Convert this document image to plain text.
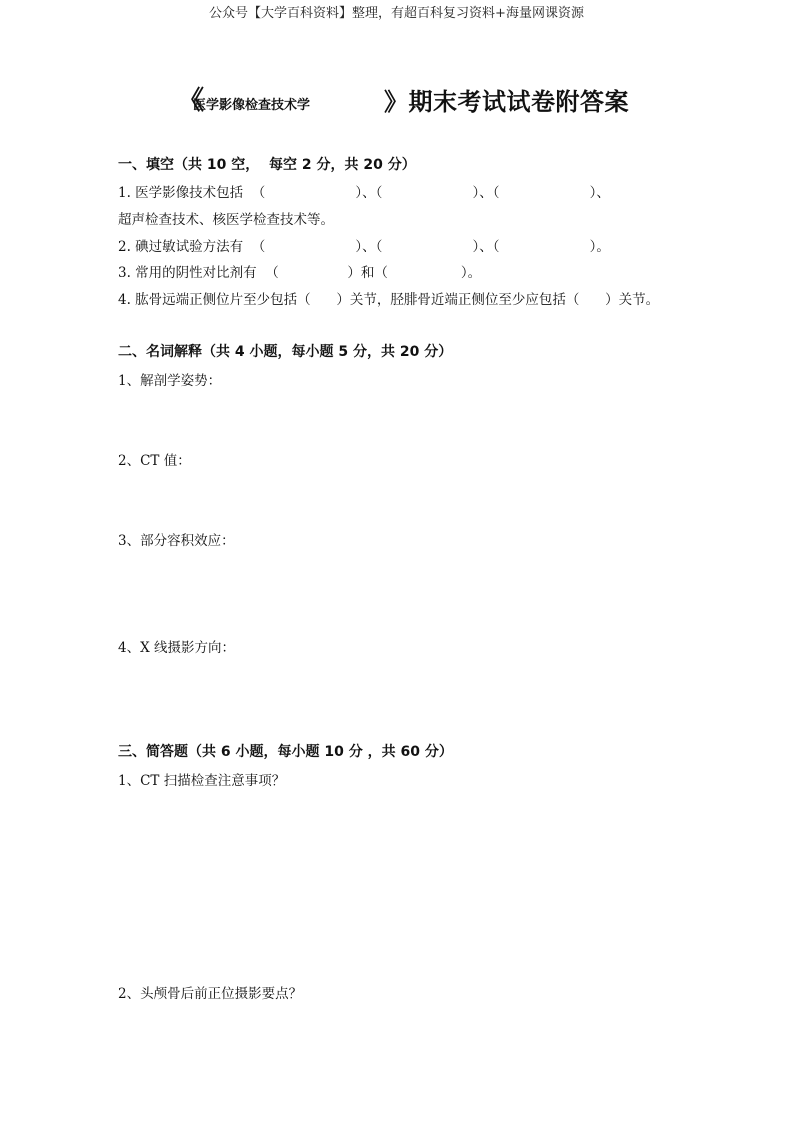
公众号【大学百科资料】整理，有超百科复习资料+海量网课资源
《
医学影像检查技术学	》期末考试试卷附答案
一、填空（共 10 空，  每空 2 分，共 20 分）
1. 医学影像技术包括  （                     ）、（                     ）、（                     ）、
超声检查技术、核医学检查技术等。
2. 碘过敏试验方法有  （                     ）、（                     ）、（                     ）。
3. 常用的阴性对比剂有  （                ）和（                 ）。
4. 肱骨远端正侧位片至少包括（      ）关节，胫腓骨近端正侧位至少应包括（      ）关节。
二、名词解释（共 4 小题，每小题 5 分，共 20 分）
1、解剖学姿势：
2、CT 值：
3、部分容积效应：
4、X 线摄影方向：
三、简答题（共 6 小题，每小题 10 分 ，共 60 分）
1、CT 扫描检查注意事项？
2、头颅骨后前正位摄影要点？
